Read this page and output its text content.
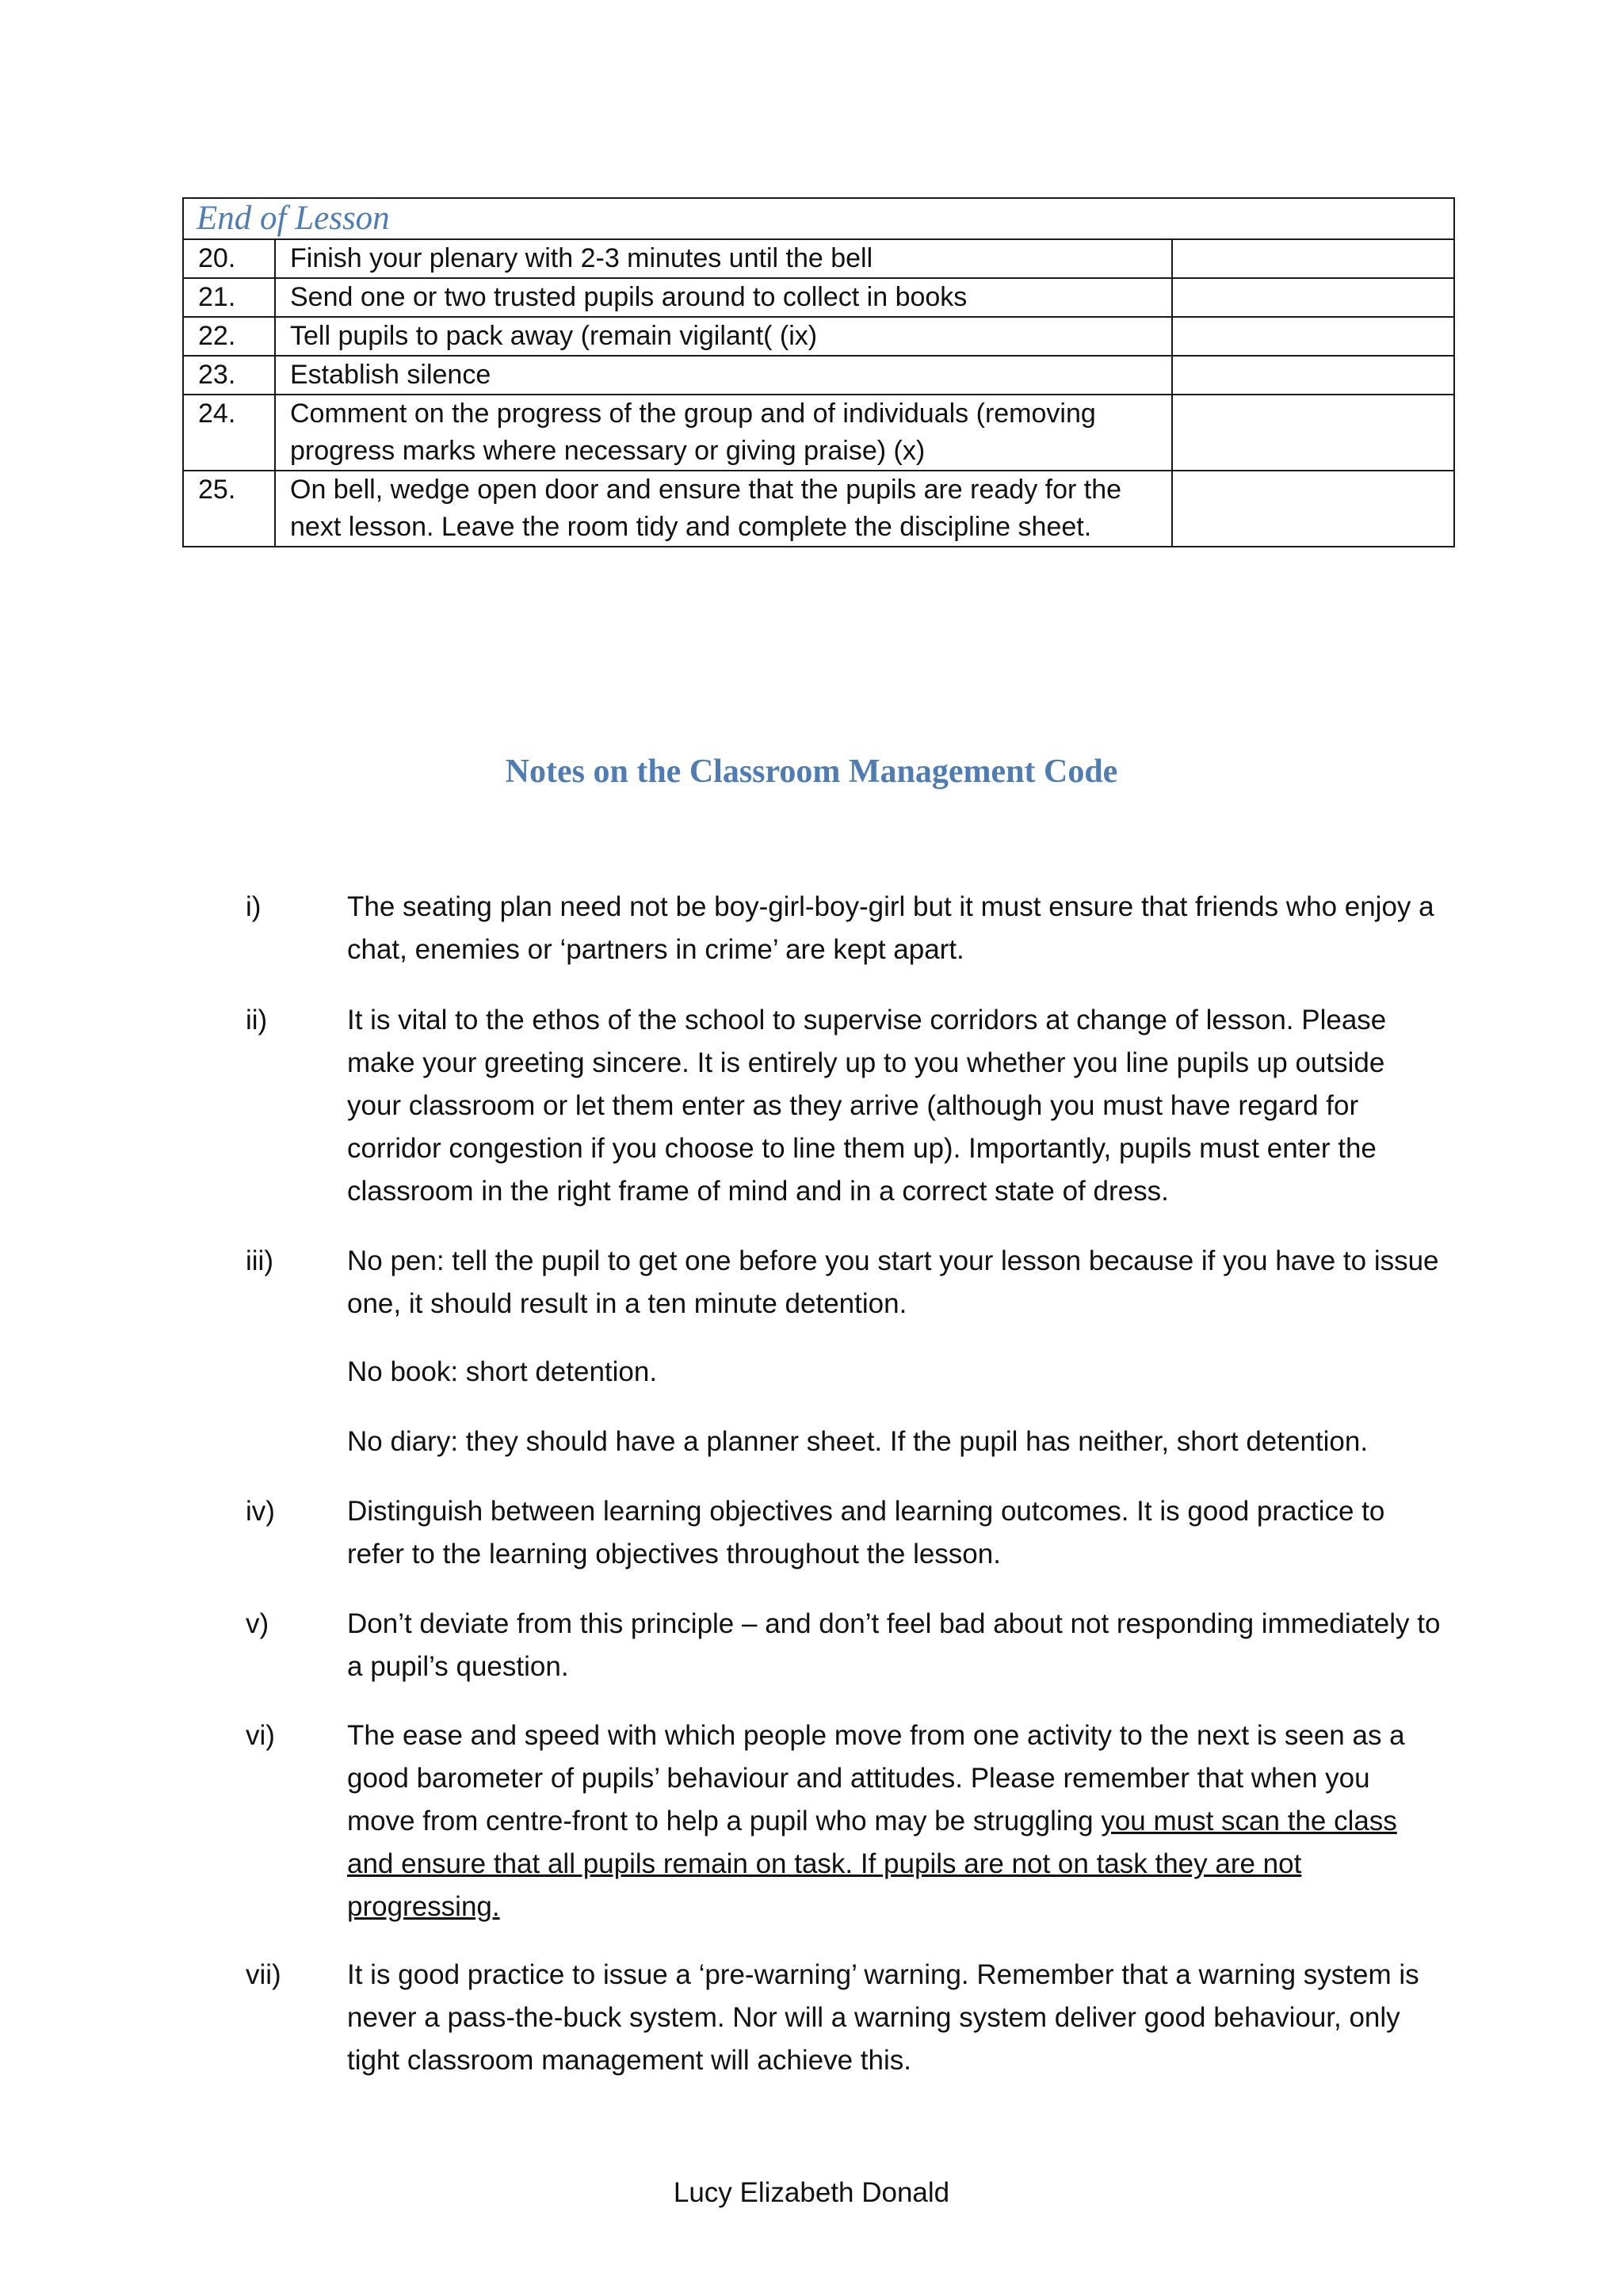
End of Lesson		
20.	Finish your plenary with 2-3 minutes until the bell	
21.	Send one or two trusted pupils around to collect in books	
22.	Tell pupils to pack away (remain vigilant( (ix)	
23.	Establish silence	
24.	Comment on the progress of the group and of individuals (removing progress marks where necessary or giving praise) (x)	
25.	On bell, wedge open door and ensure that the pupils are ready for the next lesson. Leave the room tidy and complete the discipline sheet.	
Notes on the Classroom Management Code
i)	The seating plan need not be boy-girl-boy-girl but it must ensure that friends who enjoy a chat, enemies or ‘partners in crime’ are kept apart.

ii)	It is vital to the ethos of the school to supervise corridors at change of lesson. Please make your greeting sincere. It is entirely up to you whether you line pupils up outside your classroom or let them enter as they arrive (although you must have regard for corridor congestion if you choose to line them up). Importantly, pupils must enter the classroom in the right frame of mind and in a correct state of dress.

iii)	No pen: tell the pupil to get one before you start your lesson because if you have to issue one, it should result in a ten minute detention.

No book: short detention.

No diary: they should have a planner sheet. If the pupil has neither, short detention.

iv)	Distinguish between learning objectives and learning outcomes. It is good practice to refer to the learning objectives throughout the lesson.

v)	Don’t deviate from this principle – and don’t feel bad about not responding immediately to a pupil’s question.

vi)	The ease and speed with which people move from one activity to the next is seen as a good barometer of pupils’ behaviour and attitudes. Please remember that when you move from centre-front to help a pupil who may be struggling you must scan the class and ensure that all pupils remain on task. If pupils are not on task they are not progressing.

vii) It is good practice to issue a ‘pre-warning’ warning. Remember that a warning system is never a pass-the-buck system. Nor will a warning system deliver good behaviour, only tight classroom management will achieve this.

Lucy Elizabeth Donald
